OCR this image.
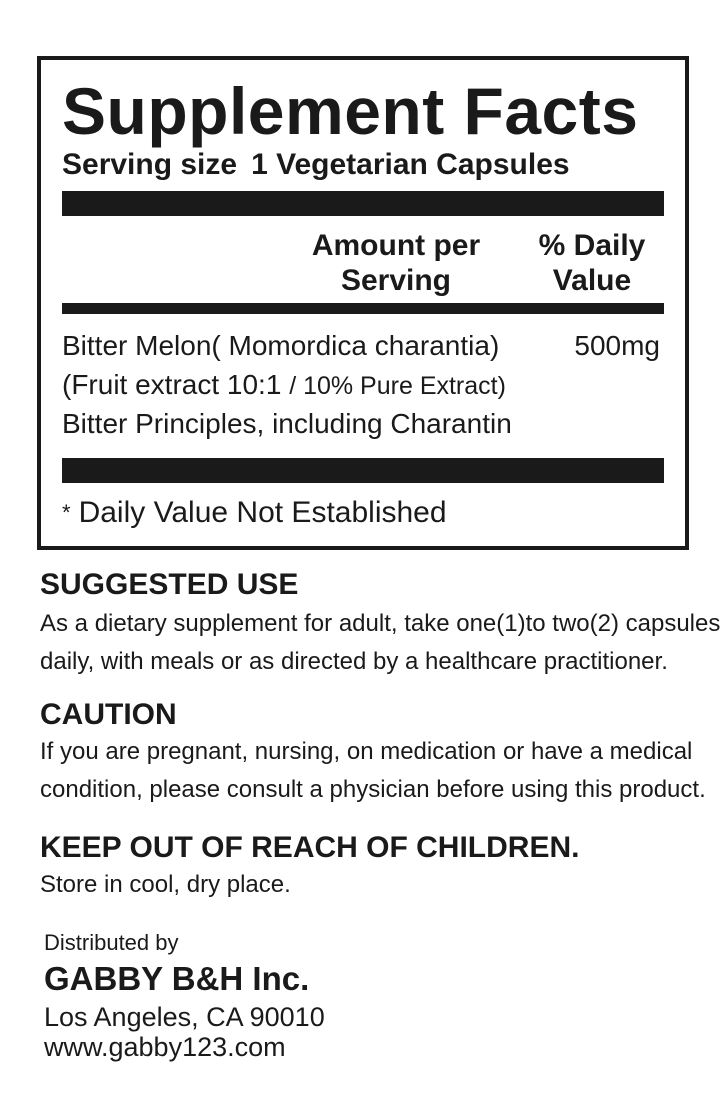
Supplement Facts
Serving size 1 Vegetarian Capsules
Amount per
Serving
% Daily
Value
Bitter Melon( Momordica charantia)
(Fruit extract 10:1 / 10% Pure Extract)
Bitter Principles, including Charantin
500mg
* Daily Value Not Established
SUGGESTED USE
As a dietary supplement for adult, take one(1)to two(2) capsules
daily, with meals or as directed by a healthcare practitioner.
CAUTION
If you are pregnant, nursing, on medication or have a medical
condition, please consult a physician before using this product.
KEEP OUT OF REACH OF CHILDREN.
Store in cool, dry place.
Distributed by
GABBY B&H Inc.
Los Angeles, CA 90010
www.gabby123.com
